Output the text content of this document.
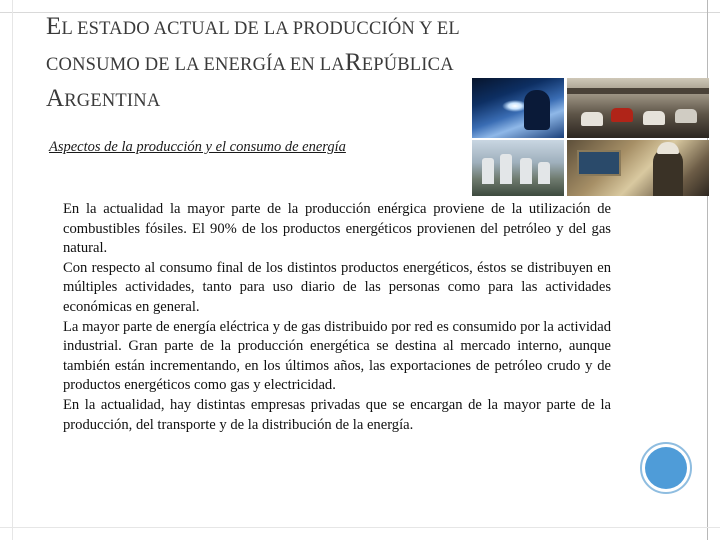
EL ESTADO ACTUAL DE LA PRODUCCIÓN Y EL
CONSUMO DE LA ENERGÍA EN LAREPÚBLICA
ARGENTINA
Aspectos de la producción y el consumo de energía

En la actualidad la mayor parte de la producción enérgica proviene de la utilización de combustibles fósiles. El 90% de los productos energéticos provienen del petróleo y del gas natural.

Con respecto al consumo final de los distintos productos energéticos, éstos se distribuyen en múltiples actividades, tanto para uso diario de las personas como para las actividades económicas en general.

La mayor parte de energía eléctrica y de gas distribuido por red es consumido por la actividad industrial. Gran parte de la producción energética se destina al mercado interno, aunque también están incrementando, en los últimos años, las exportaciones de petróleo crudo y de productos energéticos como gas y electricidad.

En la actualidad, hay distintas empresas privadas que se encargan de la mayor parte de la producción, del transporte y de la distribución de la energía.
